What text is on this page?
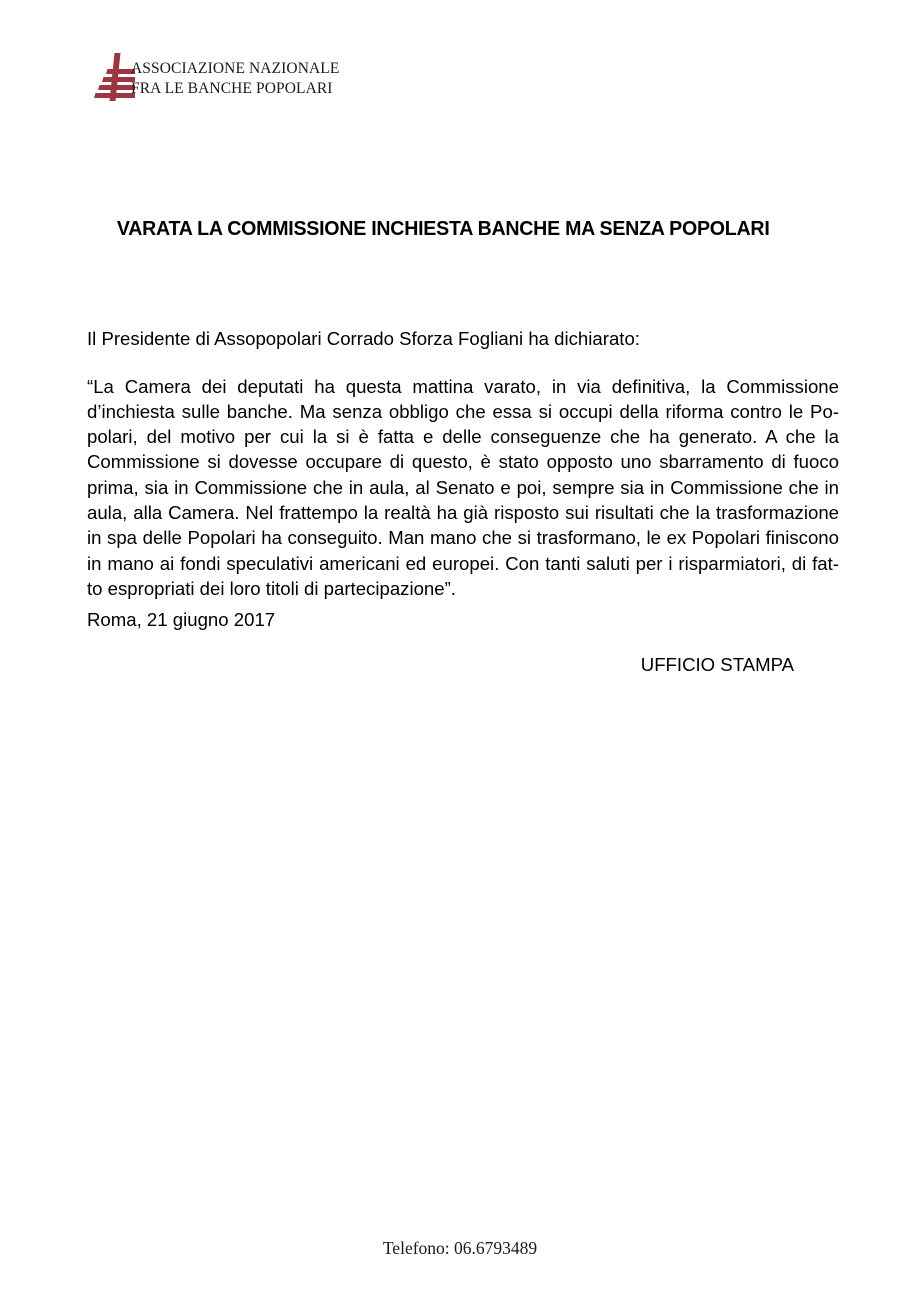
ASSOCIAZIONE NAZIONALE
FRA LE BANCHE POPOLARI
VARATA LA COMMISSIONE INCHIESTA BANCHE MA SENZA POPOLARI

Il Presidente di Assopopolari Corrado Sforza Fogliani ha dichiarato:

“La Camera dei deputati ha questa mattina varato, in via definitiva, la Commissione d’inchiesta sulle banche. Ma senza obbligo che essa si occupi della riforma contro le Po-polari, del motivo per cui la si è fatta e delle conseguenze che ha generato. A che la Commissione si dovesse occupare di questo, è stato opposto uno sbarramento di fuoco prima, sia in Commissione che in aula, al Senato e poi, sempre sia in Commissione che in aula, alla Camera. Nel frattempo la realtà ha già risposto sui risultati che la trasformazione in spa delle Popolari ha conseguito. Man mano che si trasformano, le ex Popolari finiscono in mano ai fondi speculativi americani ed europei. Con tanti saluti per i risparmiatori, di fat-to espropriati dei loro titoli di partecipazione”.

Roma, 21 giugno 2017

UFFICIO STAMPA

Telefono: 06.6793489
